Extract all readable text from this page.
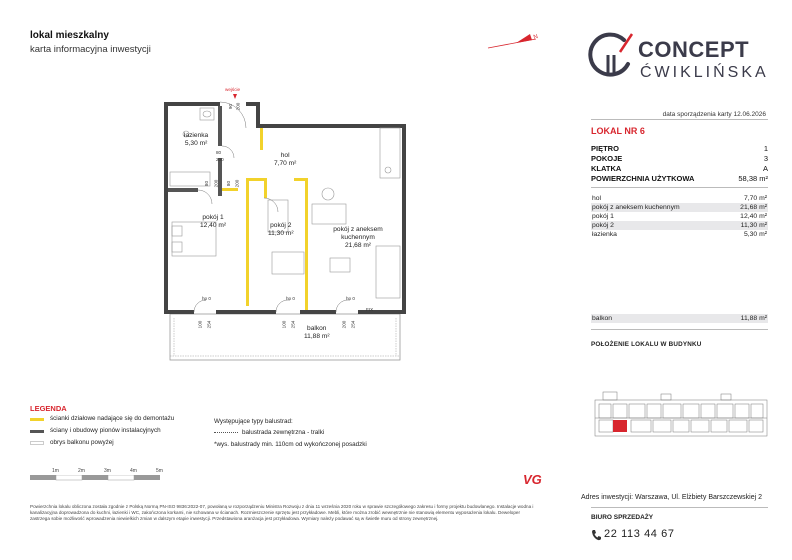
lokal mieszkalny
karta informacyjna inwestycji
N	CONCEPT
ĆWIKLIŃSKA
data sporządzenia karty 12.06.2026
LOKAL NR 6
PIĘTRO	1
POKOJE	3
KLATKA	A
POWIERZCHNIA UŻYTKOWA	58,38 m²
hol	7,70 m²
pokój z aneksem kuchennym	21,68 m²
pokój 1	12,40 m²
pokój 2	11,30 m²
łazienka	5,30 m²
balkon	11,88 m²
POŁOŻENIE LOKALU W BUDYNKU
wejście
90 200
łazienka
5,30 m²
80
200
hol
7,70 m²
80 200 80 200
pokój 1
12,40 m²	pokój 2
11,30 m²
pokój z aneksem kuchennym
21,68 m²
hp 0
100 254
hp 0
100 254
hp 0
200 254
FIX
balkon
11,88 m²
LEGENDA
ścianki działowe nadające się do demontażu
ściany i obudowy pionów instalacyjnych
obrys balkonu powyżej
Występujące typy balustrad:
balustrada zewnętrzna - tralki
*wys. balustrady min. 110cm od wykończonej posadzki
1m	2m	3m	4m	5m
VG
Powierzchnia lokalu obliczona została zgodnie z Polską Normą PN-ISO 9836:2022-07, powołaną w rozporządzeniu Ministra Rozwoju z dnia 11 września 2020 roku w sprawie szczegółowego zakresu i formy projektu budowlanego. Instalacje wodna i kanalizacyjna doprowadzona do kuchni, łazienki i WC, zakończona korkami, nie schowana w ścianach. Rozmieszczenie sprzętu jest przykładowe. Mebli, które można zrobić wewnętrznie nie stanowią elementu wyposażenia lokalu. Deweloper zastrzega sobie możliwość wprowadzenia niewielkich zmian w dalszym etapie inwestycji. Przedstawiona aranżacja jest przykładowa. Wymiary należy podawać są w świetle muru od strony zewnętrznej.
Adres inwestycji: Warszawa, Ul. Elżbiety Barszczewskiej 2
BIURO SPRZEDAŻY
22 113 44 67
